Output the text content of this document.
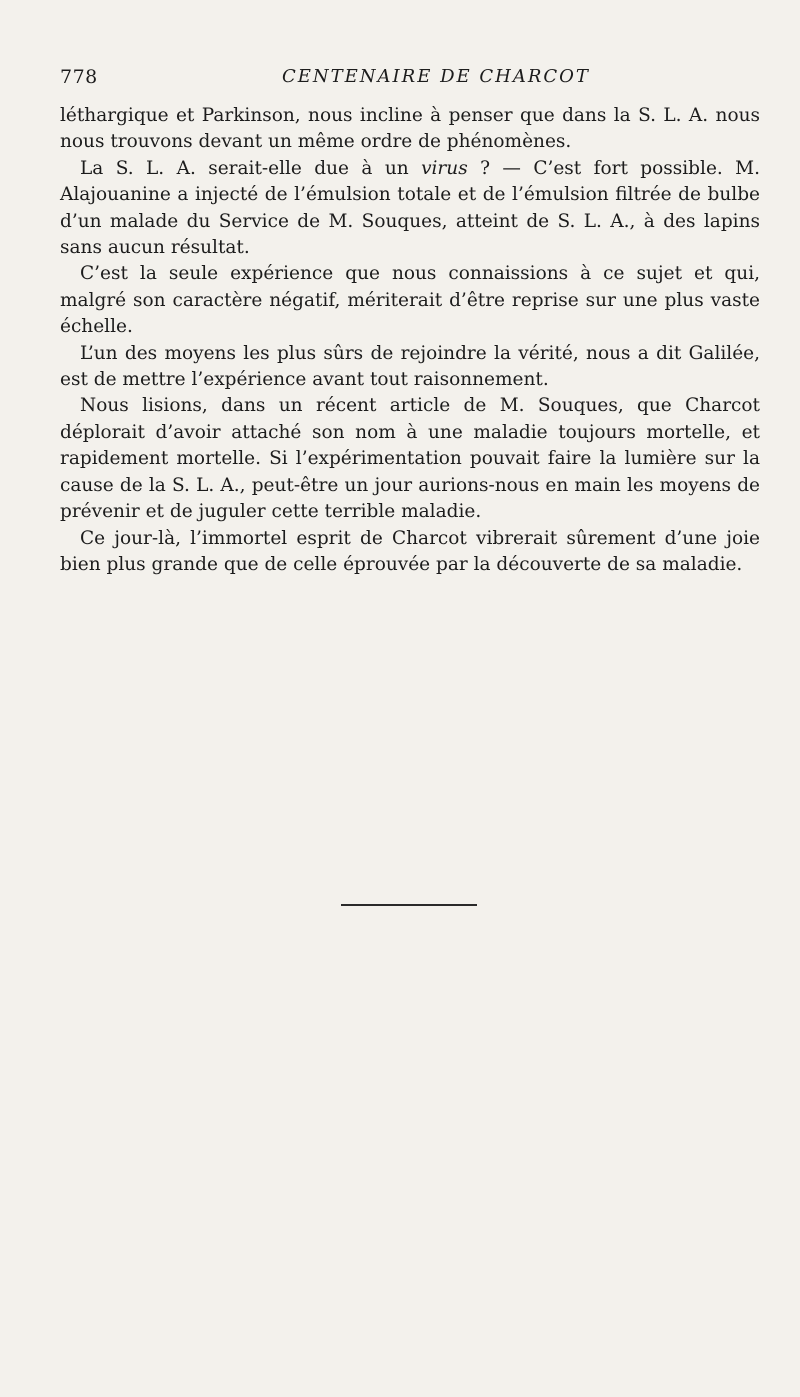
778	CENTENAIRE DE CHARCOT

léthargique et Parkinson, nous incline à penser que dans la S. L. A. nous nous trouvons devant un même ordre de phénomènes.

La S. L. A. serait-elle due à un virus ? — C’est fort possible. M. Alajouanine a injecté de l’émulsion totale et de l’émulsion filtrée de bulbe d’un malade du Service de M. Souques, atteint de S. L. A., à des lapins sans aucun résultat.

C’est la seule expérience que nous connaissions à ce sujet et qui, malgré son caractère négatif, mériterait d’être reprise sur une plus vaste échelle.

L’un des moyens les plus sûrs de rejoindre la vérité, nous a dit Galilée, est de mettre l’expérience avant tout raisonnement.

Nous lisions, dans un récent article de M. Souques, que Charcot déplorait d’avoir attaché son nom à une maladie toujours mortelle, et rapidement mortelle. Si l’expérimentation pouvait faire la lumière sur la cause de la S. L. A., peut-être un jour aurions-nous en main les moyens de prévenir et de juguler cette terrible maladie.

Ce jour-là, l’immortel esprit de Charcot vibrerait sûrement d’une joie bien plus grande que de celle éprouvée par la découverte de sa maladie.
